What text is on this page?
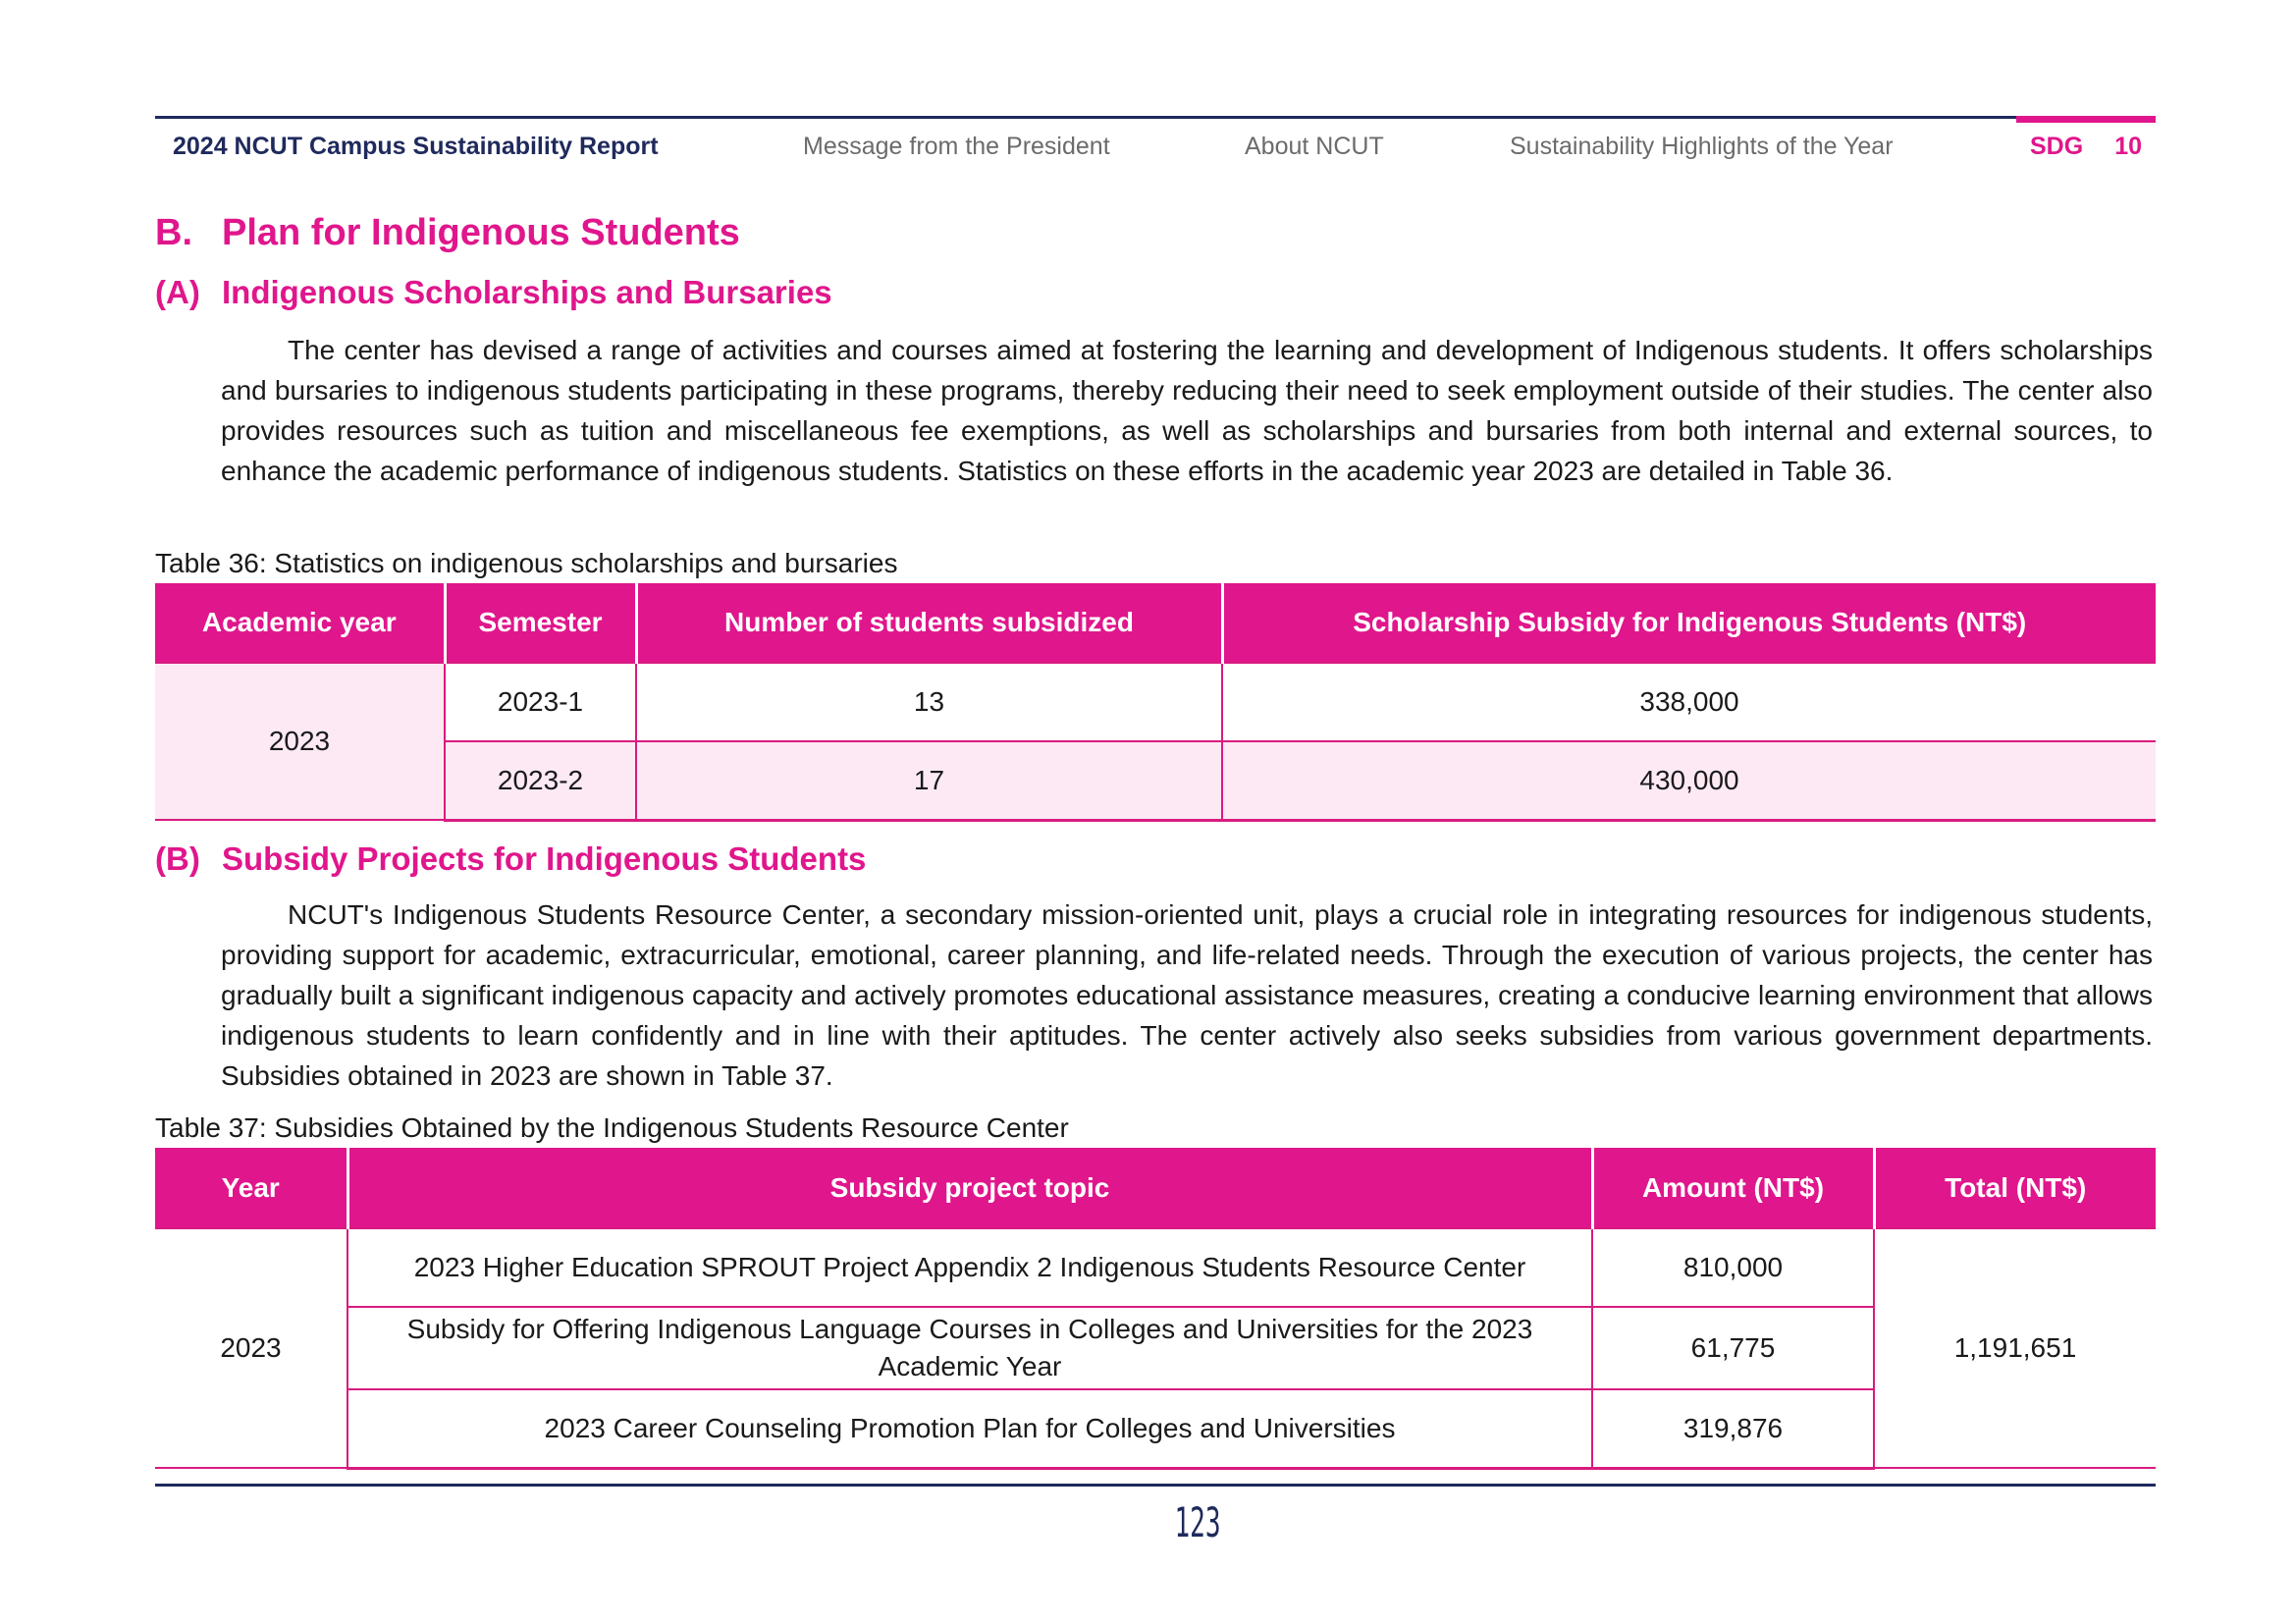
2024 NCUT Campus Sustainability Report	Message from the President	About NCUT	Sustainability Highlights of the Year	SDG 10
B. Plan for Indigenous Students
(A) Indigenous Scholarships and Bursaries
The center has devised a range of activities and courses aimed at fostering the learning and development of Indigenous students. It offers scholarships and bursaries to indigenous students participating in these programs, thereby reducing their need to seek employment outside of their studies. The center also provides resources such as tuition and miscellaneous fee exemptions, as well as scholarships and bursaries from both internal and external sources, to enhance the academic performance of indigenous students. Statistics on these efforts in the academic year 2023 are detailed in Table 36.
Table 36: Statistics on indigenous scholarships and bursaries
Academic year	Semester	Number of students subsidized	Scholarship Subsidy for Indigenous Students (NT$)
2023	2023-1	13	338,000
	2023-2	17	430,000
(B) Subsidy Projects for Indigenous Students
NCUT's Indigenous Students Resource Center, a secondary mission-oriented unit, plays a crucial role in integrating resources for indigenous students, providing support for academic, extracurricular, emotional, career planning, and life-related needs. Through the execution of various projects, the center has gradually built a significant indigenous capacity and actively promotes educational assistance measures, creating a conducive learning environment that allows indigenous students to learn confidently and in line with their aptitudes. The center actively also seeks subsidies from various government departments. Subsidies obtained in 2023 are shown in Table 37.
Table 37: Subsidies Obtained by the Indigenous Students Resource Center
Year	Subsidy project topic	Amount (NT$)	Total (NT$)
2023	2023 Higher Education SPROUT Project Appendix 2 Indigenous Students Resource Center	810,000	1,191,651
	Subsidy for Offering Indigenous Language Courses in Colleges and Universities for the 2023 Academic Year	61,775	
	2023 Career Counseling Promotion Plan for Colleges and Universities	319,876	
123
